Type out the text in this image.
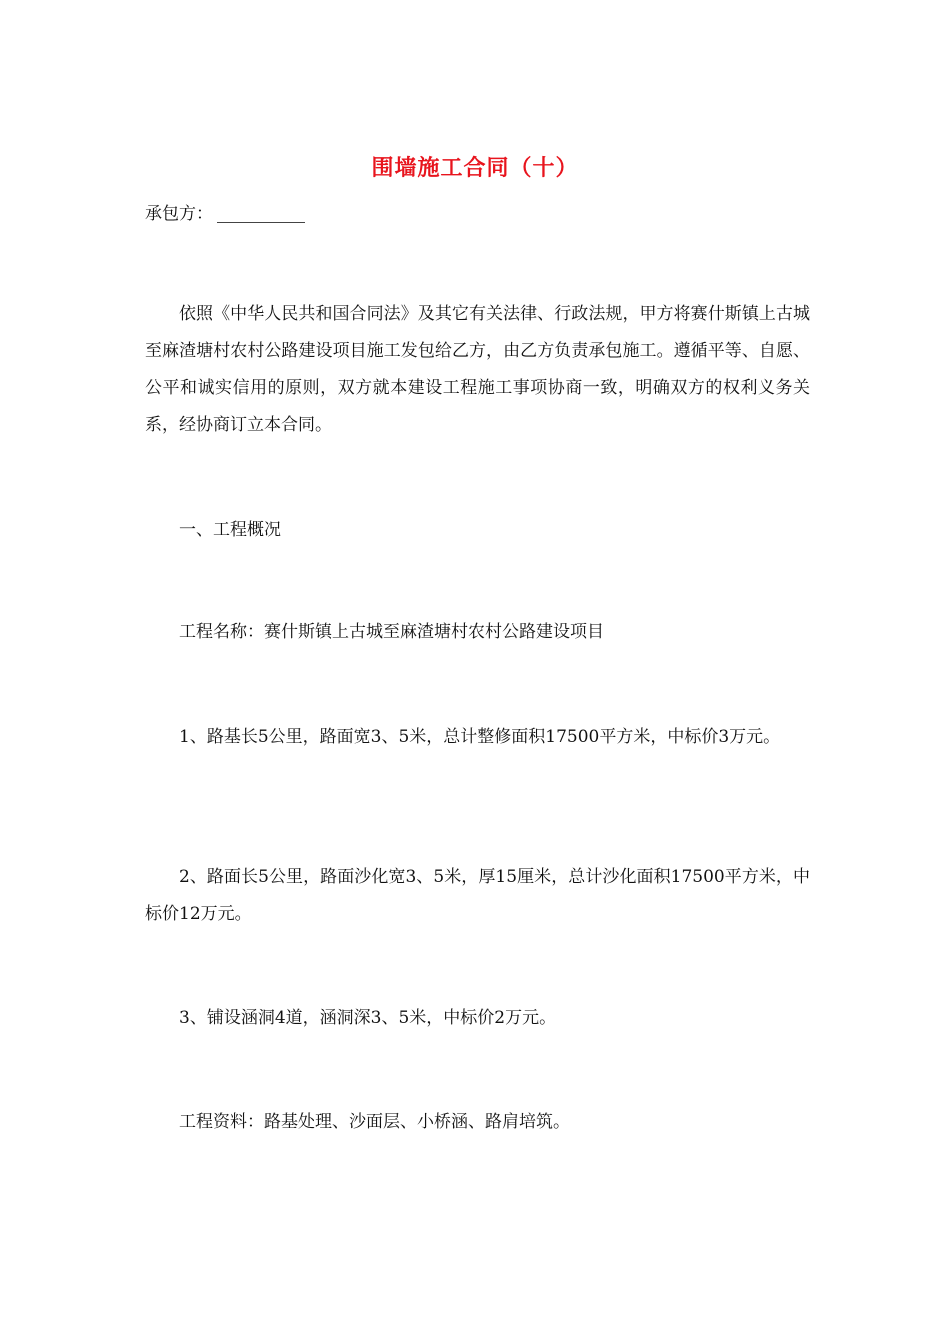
围墙施工合同（十）
承包方：
依照《中华人民共和国合同法》及其它有关法律、行政法规，甲方将赛什斯镇上古城至麻渣塘村农村公路建设项目施工发包给乙方，由乙方负责承包施工。遵循平等、自愿、公平和诚实信用的原则，双方就本建设工程施工事项协商一致，明确双方的权利义务关系，经协商订立本合同。
一、工程概况
工程名称：赛什斯镇上古城至麻渣塘村农村公路建设项目
1、路基长5公里，路面宽3、5米，总计整修面积17500平方米，中标价3万元。
2、路面长5公里，路面沙化宽3、5米，厚15厘米，总计沙化面积17500平方米，中标价12万元。
3、铺设涵洞4道，涵洞深3、5米，中标价2万元。
工程资料：路基处理、沙面层、小桥涵、路肩培筑。
